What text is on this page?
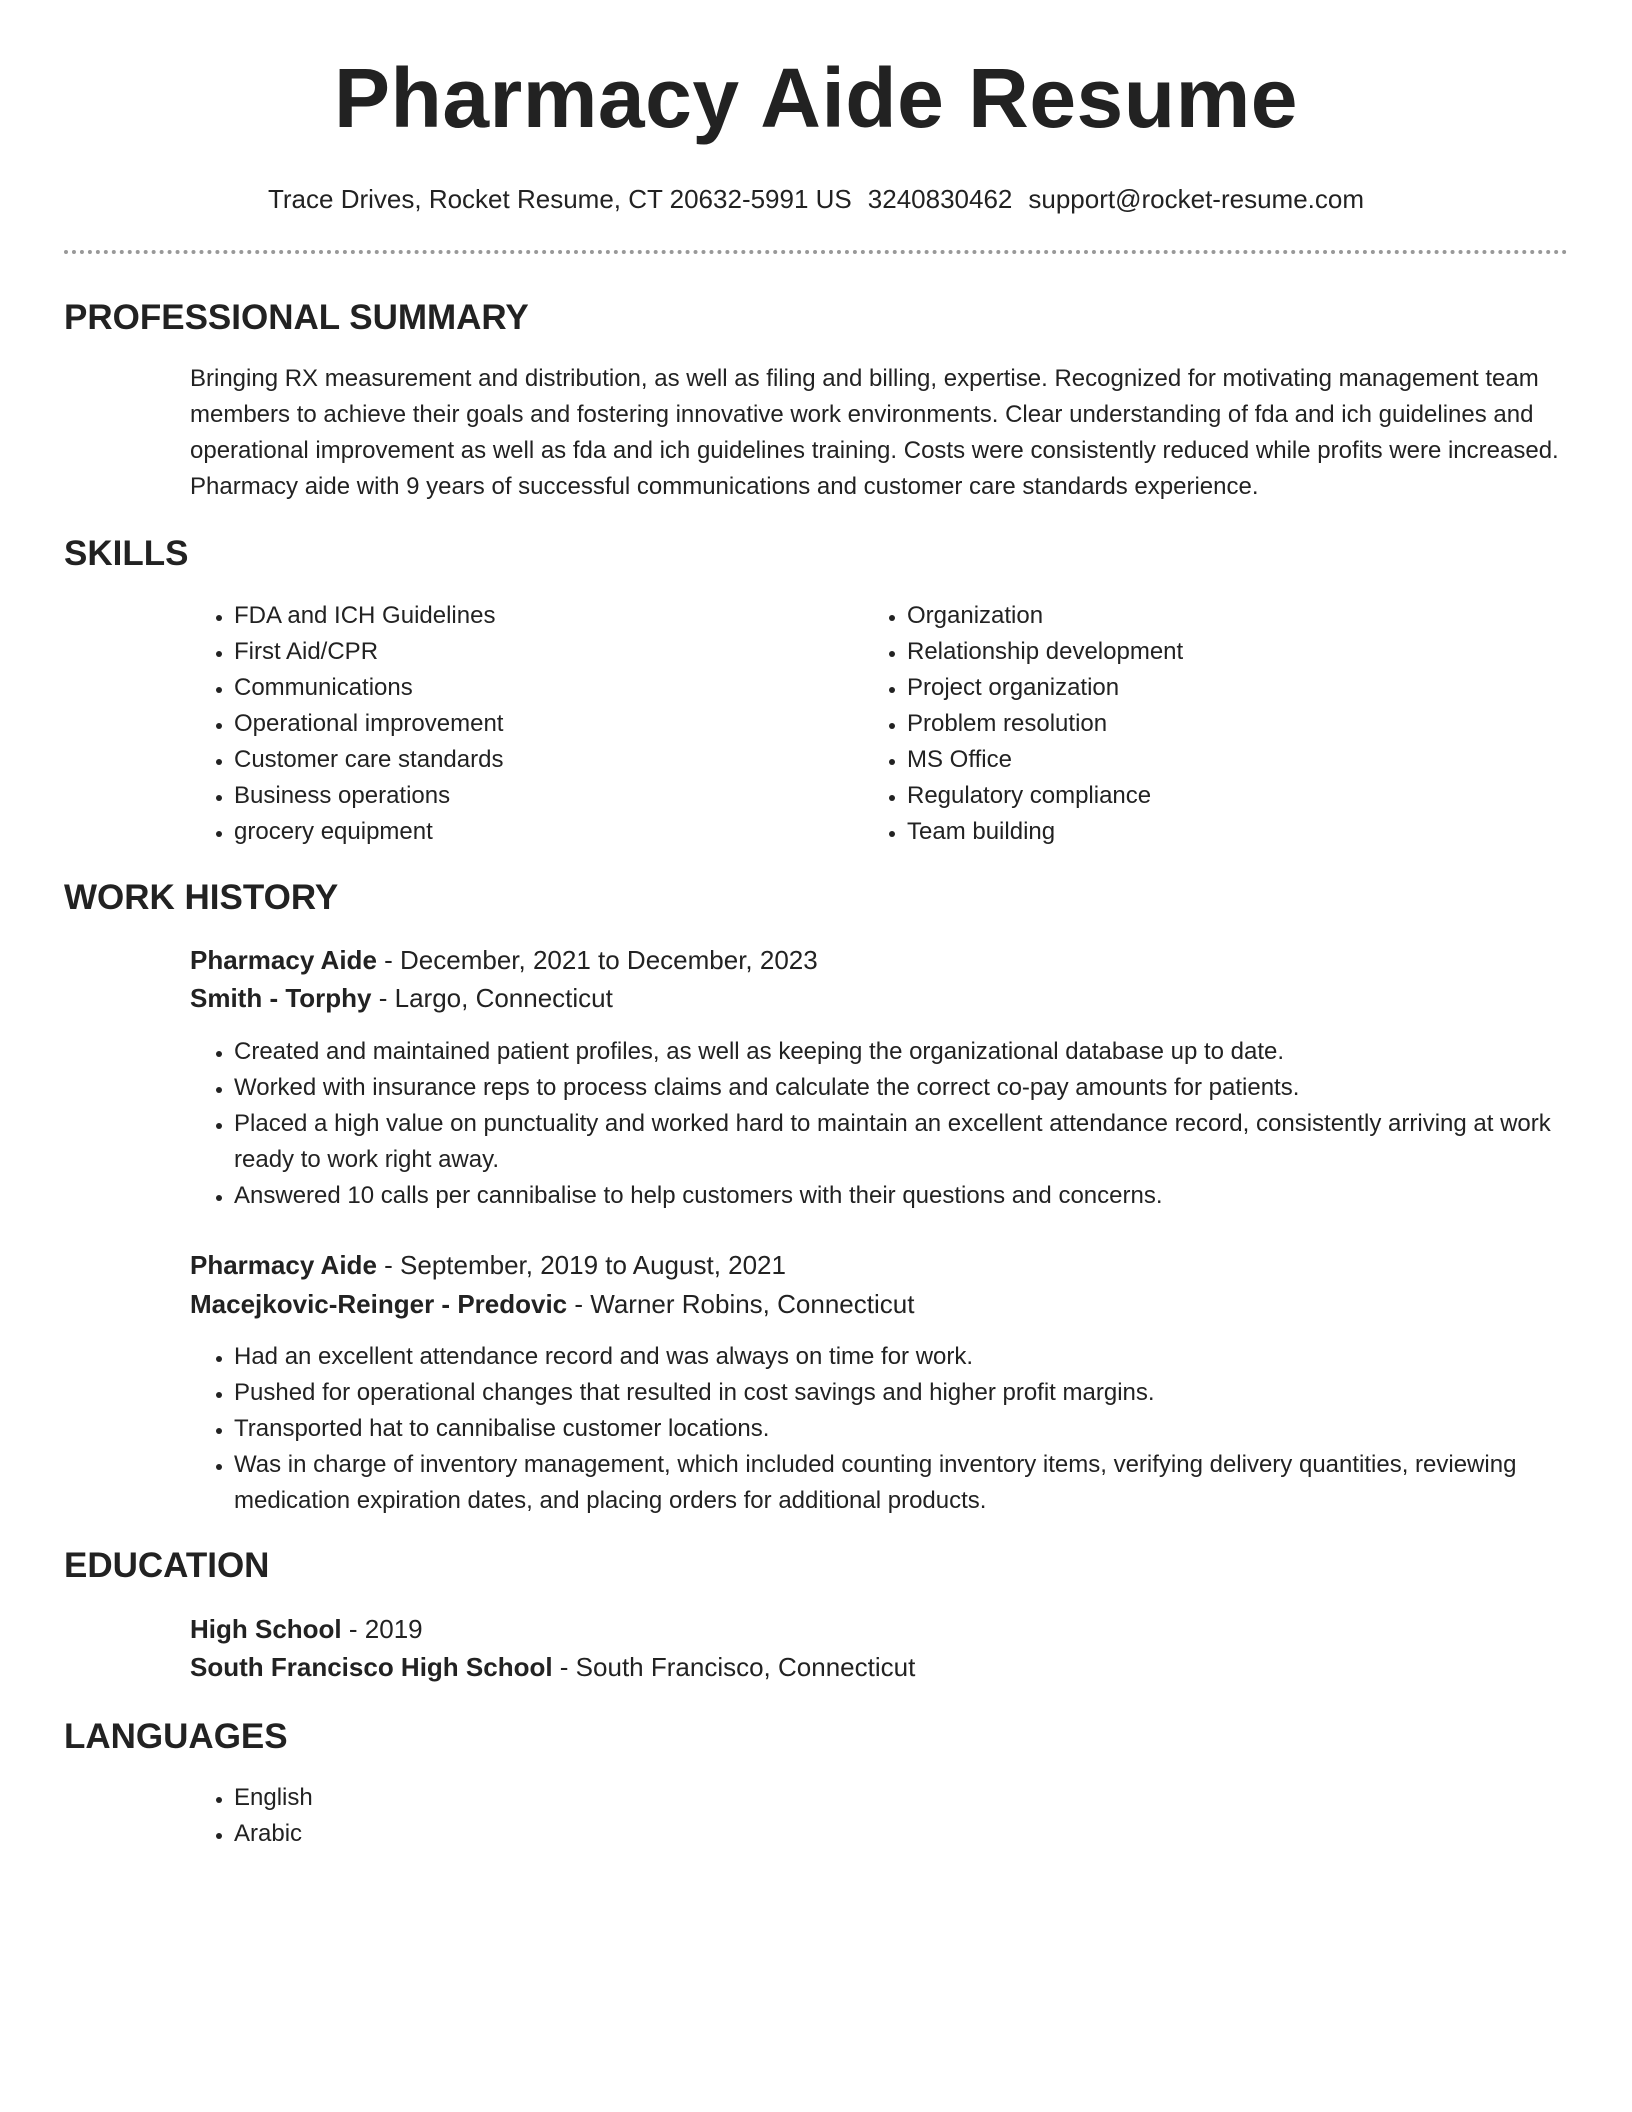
Pharmacy Aide Resume
Trace Drives, Rocket Resume, CT 20632-5991 US 3240830462 support@rocket-resume.com
PROFESSIONAL SUMMARY

Bringing RX measurement and distribution, as well as filing and billing, expertise. Recognized for motivating management team members to achieve their goals and fostering innovative work environments. Clear understanding of fda and ich guidelines and operational improvement as well as fda and ich guidelines training. Costs were consistently reduced while profits were increased. Pharmacy aide with 9 years of successful communications and customer care standards experience.

SKILLS
• FDA and ICH Guidelines
• First Aid/CPR
• Communications
• Operational improvement
• Customer care standards
• Business operations
• grocery equipment
• Organization
• Relationship development
• Project organization
• Problem resolution
• MS Office
• Regulatory compliance
• Team building
WORK HISTORY
Pharmacy Aide - December, 2021 to December, 2023
Smith - Torphy - Largo, Connecticut
• Created and maintained patient profiles, as well as keeping the organizational database up to date.
• Worked with insurance reps to process claims and calculate the correct co-pay amounts for patients.
• Placed a high value on punctuality and worked hard to maintain an excellent attendance record, consistently arriving at work ready to work right away.
• Answered 10 calls per cannibalise to help customers with their questions and concerns.
Pharmacy Aide - September, 2019 to August, 2021
Macejkovic-Reinger - Predovic - Warner Robins, Connecticut
• Had an excellent attendance record and was always on time for work.
• Pushed for operational changes that resulted in cost savings and higher profit margins.
• Transported hat to cannibalise customer locations.
• Was in charge of inventory management, which included counting inventory items, verifying delivery quantities, reviewing medication expiration dates, and placing orders for additional products.
EDUCATION
High School - 2019
South Francisco High School - South Francisco, Connecticut
LANGUAGES
• English
• Arabic
